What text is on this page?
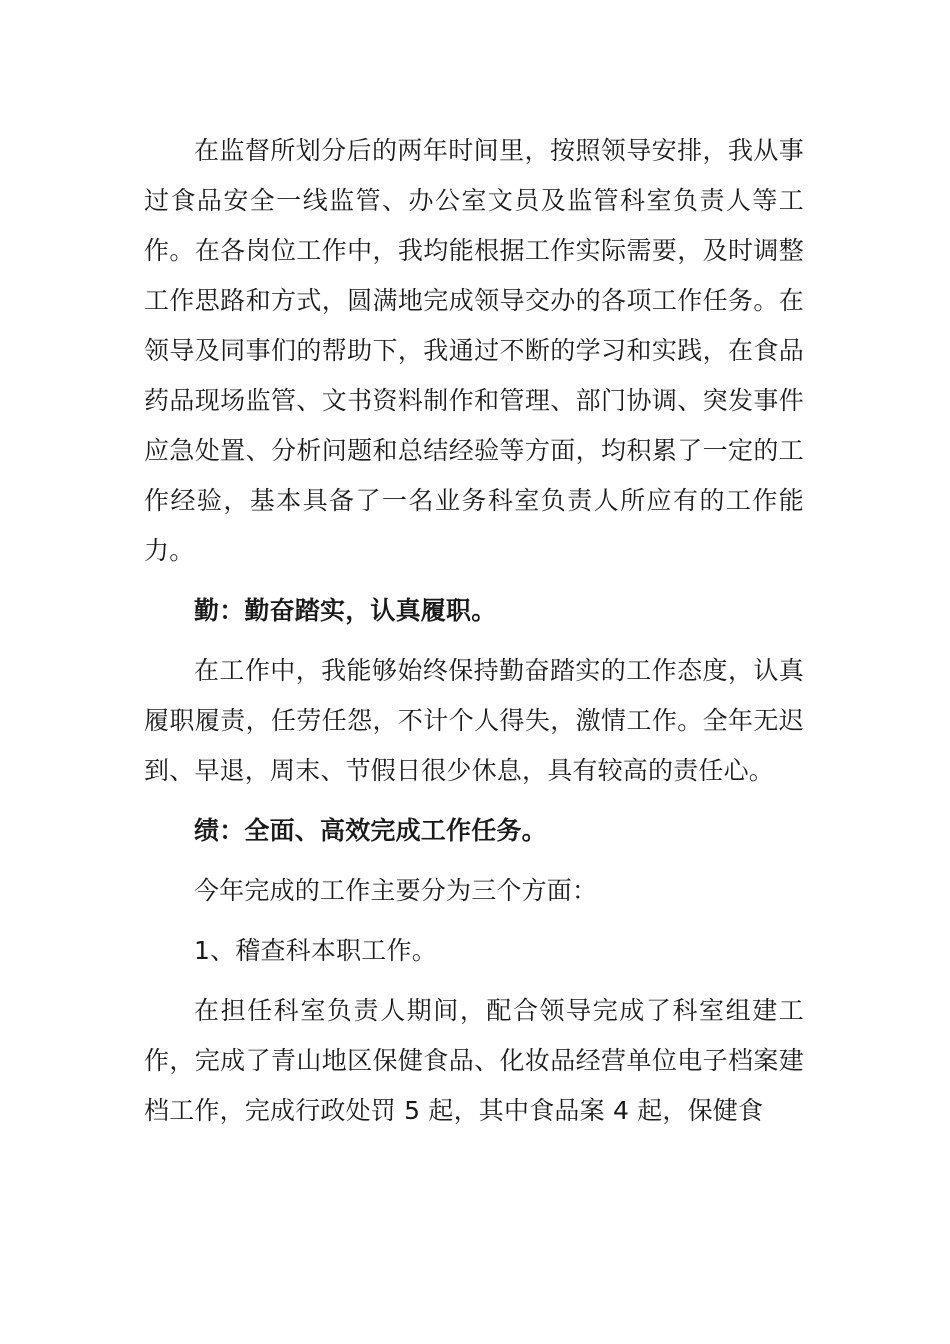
在监督所划分后的两年时间里，按照领导安排，我从事过食品安全一线监管、办公室文员及监管科室负责人等工作。在各岗位工作中，我均能根据工作实际需要，及时调整工作思路和方式，圆满地完成领导交办的各项工作任务。在领导及同事们的帮助下，我通过不断的学习和实践，在食品药品现场监管、文书资料制作和管理、部门协调、突发事件应急处置、分析问题和总结经验等方面，均积累了一定的工作经验，基本具备了一名业务科室负责人所应有的工作能力。

勤：勤奋踏实，认真履职。

在工作中，我能够始终保持勤奋踏实的工作态度，认真履职履责，任劳任怨，不计个人得失，激情工作。全年无迟到、早退，周末、节假日很少休息，具有较高的责任心。

绩：全面、高效完成工作任务。

今年完成的工作主要分为三个方面：

1、稽查科本职工作。

在担任科室负责人期间，配合领导完成了科室组建工作，完成了青山地区保健食品、化妆品经营单位电子档案建档工作，完成行政处罚 5 起，其中食品案 4 起，保健食
